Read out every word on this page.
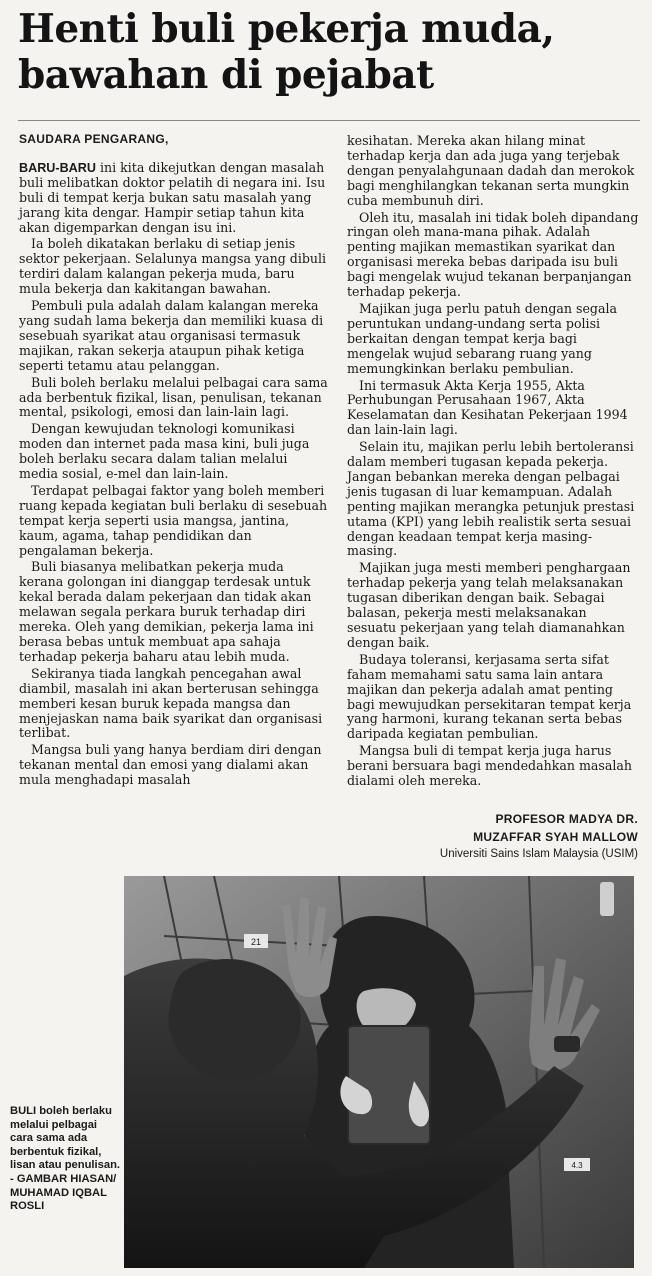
Henti buli pekerja muda,
bawahan di pejabat
SAUDARA PENGARANG,

BARU-BARU ini kita dikejutkan dengan masalah buli melibatkan doktor pelatih di negara ini. Isu buli di tempat kerja bukan satu masalah yang jarang kita dengar. Hampir setiap tahun kita akan digemparkan dengan isu ini.

Ia boleh dikatakan berlaku di setiap jenis sektor pekerjaan. Selalunya mangsa yang dibuli terdiri dalam kalangan pekerja muda, baru mula bekerja dan kakitangan bawahan.

Pembuli pula adalah dalam kalangan mereka yang sudah lama bekerja dan memiliki kuasa di sesebuah syarikat atau organisasi termasuk majikan, rakan sekerja ataupun pihak ketiga seperti tetamu atau pelanggan.

Buli boleh berlaku melalui pelbagai cara sama ada berbentuk fizikal, lisan, penulisan, tekanan mental, psikologi, emosi dan lain-lain lagi.

Dengan kewujudan teknologi komunikasi moden dan internet pada masa kini, buli juga boleh berlaku secara dalam talian melalui media sosial, e-mel dan lain-lain.

Terdapat pelbagai faktor yang boleh memberi ruang kepada kegiatan buli berlaku di sesebuah tempat kerja seperti usia mangsa, jantina, kaum, agama, tahap pendidikan dan pengalaman bekerja.

Buli biasanya melibatkan pekerja muda kerana golongan ini dianggap terdesak untuk kekal berada dalam pekerjaan dan tidak akan melawan segala perkara buruk terhadap diri mereka. Oleh yang demikian, pekerja lama ini berasa bebas untuk membuat apa sahaja terhadap pekerja baharu atau lebih muda.

Sekiranya tiada langkah pencegahan awal diambil, masalah ini akan berterusan sehingga memberi kesan buruk kepada mangsa dan menjejaskan nama baik syarikat dan organisasi terlibat.

Mangsa buli yang hanya berdiam diri dengan tekanan mental dan emosi yang dialami akan mula menghadapi masalah

kesihatan. Mereka akan hilang minat terhadap kerja dan ada juga yang terjebak dengan penyalahgunaan dadah dan merokok bagi menghilangkan tekanan serta mungkin cuba membunuh diri.

Oleh itu, masalah ini tidak boleh dipandang ringan oleh mana-mana pihak. Adalah penting majikan memastikan syarikat dan organisasi mereka bebas daripada isu buli bagi mengelak wujud tekanan berpanjangan terhadap pekerja.

Majikan juga perlu patuh dengan segala peruntukan undang-undang serta polisi berkaitan dengan tempat kerja bagi mengelak wujud sebarang ruang yang memungkinkan berlaku pembulian.

Ini termasuk Akta Kerja 1955, Akta Perhubungan Perusahaan 1967, Akta Keselamatan dan Kesihatan Pekerjaan 1994 dan lain-lain lagi.

Selain itu, majikan perlu lebih bertoleransi dalam memberi tugasan kepada pekerja. Jangan bebankan mereka dengan pelbagai jenis tugasan di luar kemampuan. Adalah penting majikan merangka petunjuk prestasi utama (KPI) yang lebih realistik serta sesuai dengan keadaan tempat kerja masing-masing.

Majikan juga mesti memberi penghargaan terhadap pekerja yang telah melaksanakan tugasan diberikan dengan baik. Sebagai balasan, pekerja mesti melaksanakan sesuatu pekerjaan yang telah diamanahkan dengan baik.

Budaya toleransi, kerjasama serta sifat faham memahami satu sama lain antara majikan dan pekerja adalah amat penting bagi mewujudkan persekitaran tempat kerja yang harmoni, kurang tekanan serta bebas daripada kegiatan pembulian.

Mangsa buli di tempat kerja juga harus berani bersuara bagi mendedahkan masalah dialami oleh mereka.

PROFESOR MADYA DR.
MUZAFFAR SYAH MALLOW
Universiti Sains Islam Malaysia (USIM)
21
4.3
BULI boleh berlaku melalui pelbagai cara sama ada berbentuk fizikal, lisan atau penulisan.
- GAMBAR HIASAN/ MUHAMAD IQBAL ROSLI
